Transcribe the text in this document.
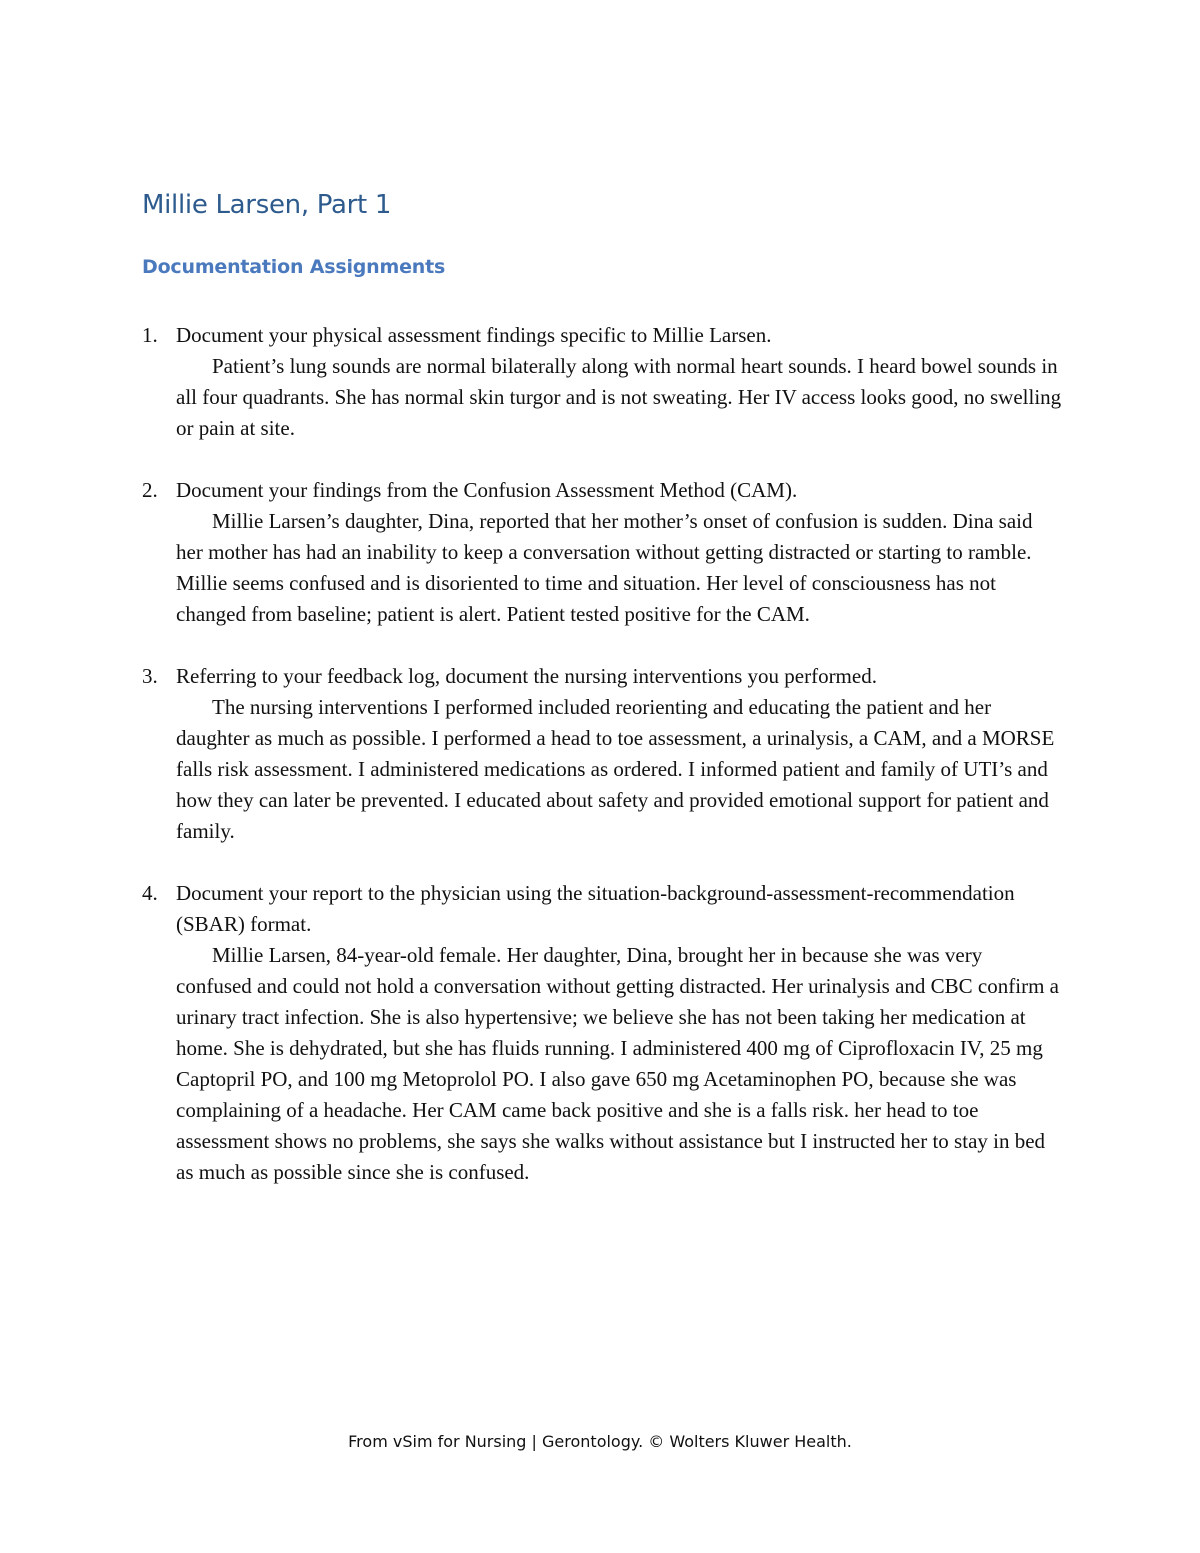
Millie Larsen, Part 1
Documentation Assignments
1. Document your physical assessment findings specific to Millie Larsen.
Patient’s lung sounds are normal bilaterally along with normal heart sounds. I heard bowel sounds in all four quadrants. She has normal skin turgor and is not sweating. Her IV access looks good, no swelling or pain at site.
2. Document your findings from the Confusion Assessment Method (CAM).
Millie Larsen’s daughter, Dina, reported that her mother’s onset of confusion is sudden. Dina said her mother has had an inability to keep a conversation without getting distracted or starting to ramble. Millie seems confused and is disoriented to time and situation. Her level of consciousness has not changed from baseline; patient is alert. Patient tested positive for the CAM.
3. Referring to your feedback log, document the nursing interventions you performed.
The nursing interventions I performed included reorienting and educating the patient and her daughter as much as possible. I performed a head to toe assessment, a urinalysis, a CAM, and a MORSE falls risk assessment. I administered medications as ordered. I informed patient and family of UTI’s and how they can later be prevented. I educated about safety and provided emotional support for patient and family.
4. Document your report to the physician using the situation-background-assessment-recommendation (SBAR) format.
Millie Larsen, 84-year-old female. Her daughter, Dina, brought her in because she was very confused and could not hold a conversation without getting distracted. Her urinalysis and CBC confirm a urinary tract infection. She is also hypertensive; we believe she has not been taking her medication at home. She is dehydrated, but she has fluids running. I administered 400 mg of Ciprofloxacin IV, 25 mg Captopril PO, and 100 mg Metoprolol PO. I also gave 650 mg Acetaminophen PO, because she was complaining of a headache. Her CAM came back positive and she is a falls risk. her head to toe assessment shows no problems, she says she walks without assistance but I instructed her to stay in bed as much as possible since she is confused.
From vSim for Nursing | Gerontology. © Wolters Kluwer Health.
